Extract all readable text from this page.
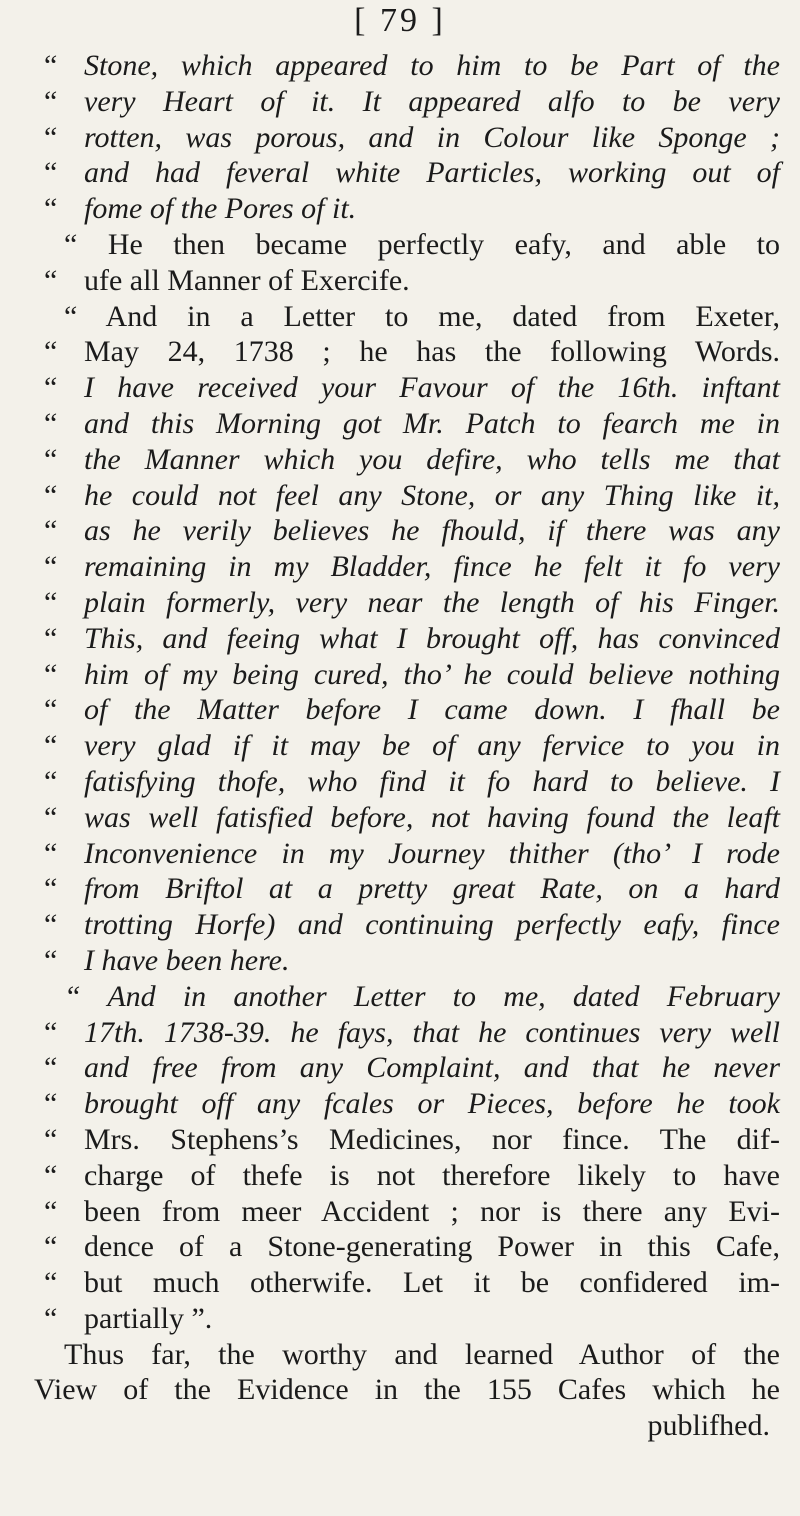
[ 79 ]
“ Stone, which appeared to him to be Part of the
“ very Heart of it. It appeared alfo to be very
“ rotten, was porous, and in Colour like Sponge ;
“ and had feveral white Particles, working out of
“ fome of the Pores of it.
“ He then became perfectly eafy, and able to
“ ufe all Manner of Exercife.
“ And in a Letter to me, dated from Exeter,
“ May 24, 1738 ; he has the following Words.
“ I have received your Favour of the 16th. inftant
“ and this Morning got Mr. Patch to fearch me in
“ the Manner which you defire, who tells me that
“ he could not feel any Stone, or any Thing like it,
“ as he verily believes he fhould, if there was any
“ remaining in my Bladder, fince he felt it fo very
“ plain formerly, very near the length of his Finger.
“ This, and feeing what I brought off, has convinced
“ him of my being cured, tho’ he could believe nothing
“ of the Matter before I came down. I fhall be
“ very glad if it may be of any fervice to you in
“ fatisfying thofe, who find it fo hard to believe. I
“ was well fatisfied before, not having found the leaft
“ Inconvenience in my Journey thither (tho’ I rode
“ from Briftol at a pretty great Rate, on a hard
“ trotting Horfe) and continuing perfectly eafy, fince
“ I have been here.
“ And in another Letter to me, dated February
“ 17th. 1738-39. he fays, that he continues very well
“ and free from any Complaint, and that he never
“ brought off any fcales or Pieces, before he took
“ Mrs. Stephens’s Medicines, nor fince. The dif-
“ charge of thefe is not therefore likely to have
“ been from meer Accident ; nor is there any Evi-
“ dence of a Stone-generating Power in this Cafe,
“ but much otherwife. Let it be confidered im-
“ partially ”.
Thus far, the worthy and learned Author of the
View of the Evidence in the 155 Cafes which he
publifhed.
